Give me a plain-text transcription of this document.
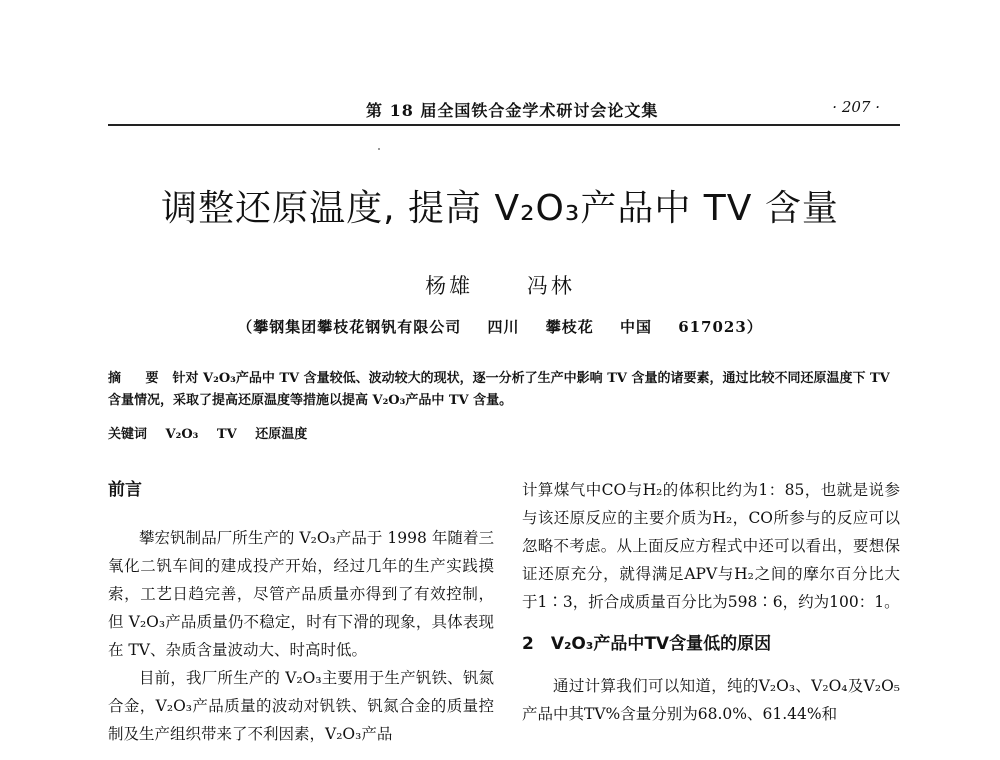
第 18 届全国铁合金学术研讨会论文集	· 207 ·
调整还原温度, 提高 V₂O₃产品中 TV 含量
杨雄	冯林
（攀钢集团攀枝花钢钒有限公司 四川 攀枝花 中国 617023）
摘 要 针对 V₂O₃产品中 TV 含量较低、波动较大的现状，逐一分析了生产中影响 TV 含量的诸要素，通过比较不同还原温度下 TV 含量情况，采取了提高还原温度等措施以提高 V₂O₃产品中 TV 含量。
关键词 V₂O₃ TV 还原温度
前言

攀宏钒制品厂所生产的 V₂O₃产品于 1998 年随着三氧化二钒车间的建成投产开始，经过几年的生产实践摸索，工艺日趋完善，尽管产品质量亦得到了有效控制，但 V₂O₃产品质量仍不稳定，时有下滑的现象，具体表现在 TV、杂质含量波动大、时高时低。

目前，我厂所生产的 V₂O₃主要用于生产钒铁、钒氮合金，V₂O₃产品质量的波动对钒铁、钒氮合金的质量控制及生产组织带来了不利因素，V₂O₃产品

计算煤气中CO与H₂的体积比约为1：85，也就是说参与该还原反应的主要介质为H₂，CO所参与的反应可以忽略不考虑。从上面反应方程式中还可以看出，要想保证还原充分，就得满足APV与H₂之间的摩尔百分比大于1∶3，折合成质量百分比为598∶6，约为100：1。

2　V₂O₃产品中TV含量低的原因

通过计算我们可以知道，纯的V₂O₃、V₂O₄及V₂O₅产品中其TV%含量分别为68.0%、61.44%和
